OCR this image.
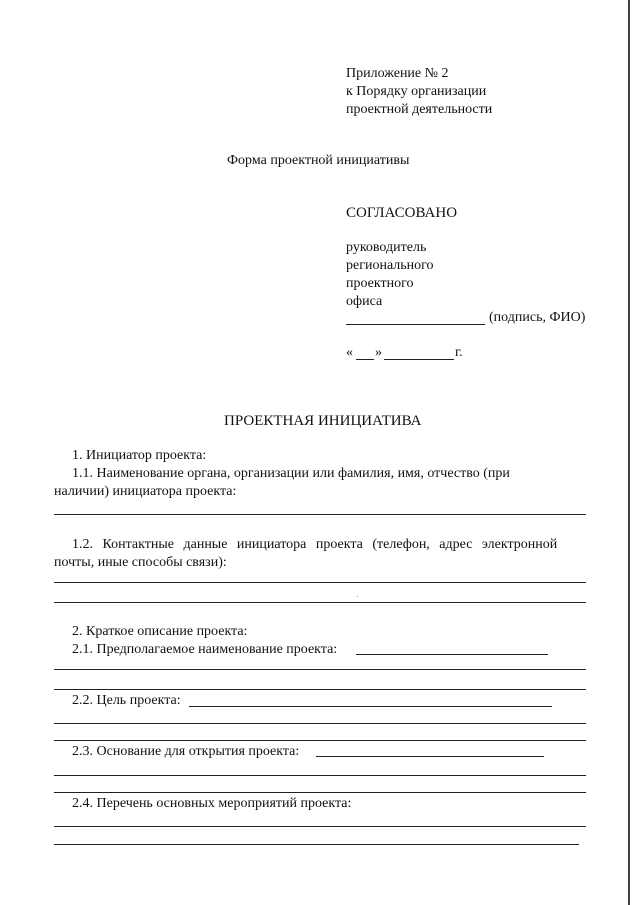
Приложение № 2
к Порядку организации
проектной деятельности
Форма проектной инициативы
СОГЛАСОВАНО
руководитель
регионального
проектного
офиса
(подпись, ФИО)
« »	г.
ПРОЕКТНАЯ ИНИЦИАТИВА
1. Инициатор проекта:
1.1. Наименование органа, организации или фамилия, имя, отчество (при
наличии) инициатора проекта:
1.2. Контактные данные инициатора проекта (телефон, адрес электронной
почты, иные способы связи):
2. Краткое описание проекта:
2.1. Предполагаемое наименование проекта:
2.2. Цель проекта:
2.3. Основание для открытия проекта:
2.4. Перечень основных мероприятий проекта:
